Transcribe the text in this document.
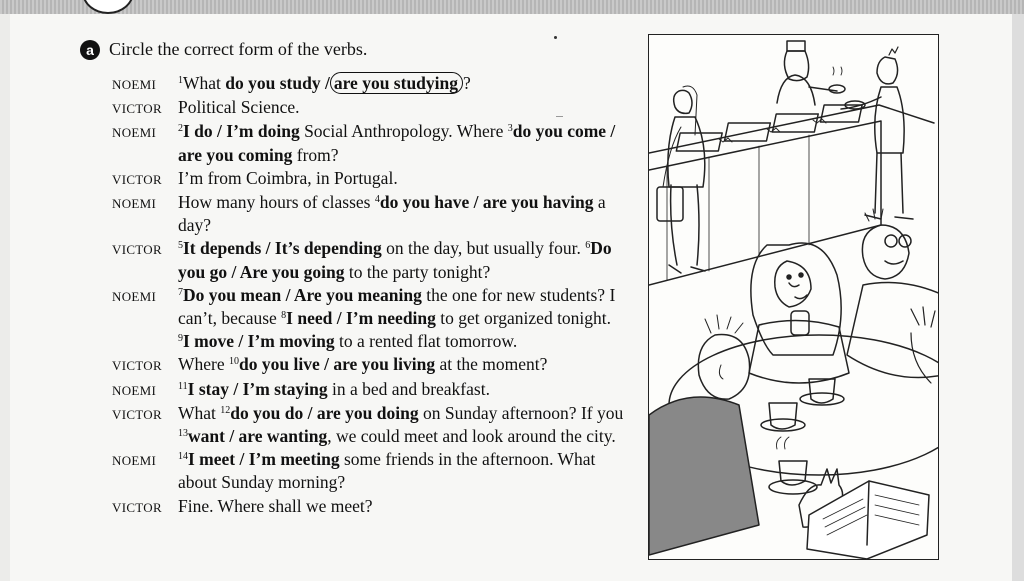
a Circle the correct form of the verbs.
NOEMI	$^1$What do you study / are you studying ?
VICTOR Political Science.
NOEMI	$^2$I do / I’m doing Social Anthropology. Where $^3$do you come / are you coming from?
VICTOR I’m from Coimbra, in Portugal.
NOEMI	How many hours of classes $^4$do you have / are you having a day?
VICTOR	$^5$It depends / It’s depending on the day, but usually four. $^6$Do you go / Are you going to the party tonight?
NOEMI	$^7$Do you mean / Are you meaning the one for new students? I can’t, because $^8$I need / I’m needing to get organized tonight. $^9$I move / I’m moving to a rented flat tomorrow.
VICTOR Where $^{10}$do you live / are you living at the moment?
NOEMI	$^{11}$I stay / I’m staying in a bed and breakfast.
VICTOR What $^{12}$do you do / are you doing on Sunday afternoon? If you $^{13}$want / are wanting, we could meet and look around the city.
NOEMI	$^{14}$I meet / I’m meeting some friends in the afternoon. What about Sunday morning?
VICTOR Fine. Where shall we meet?
